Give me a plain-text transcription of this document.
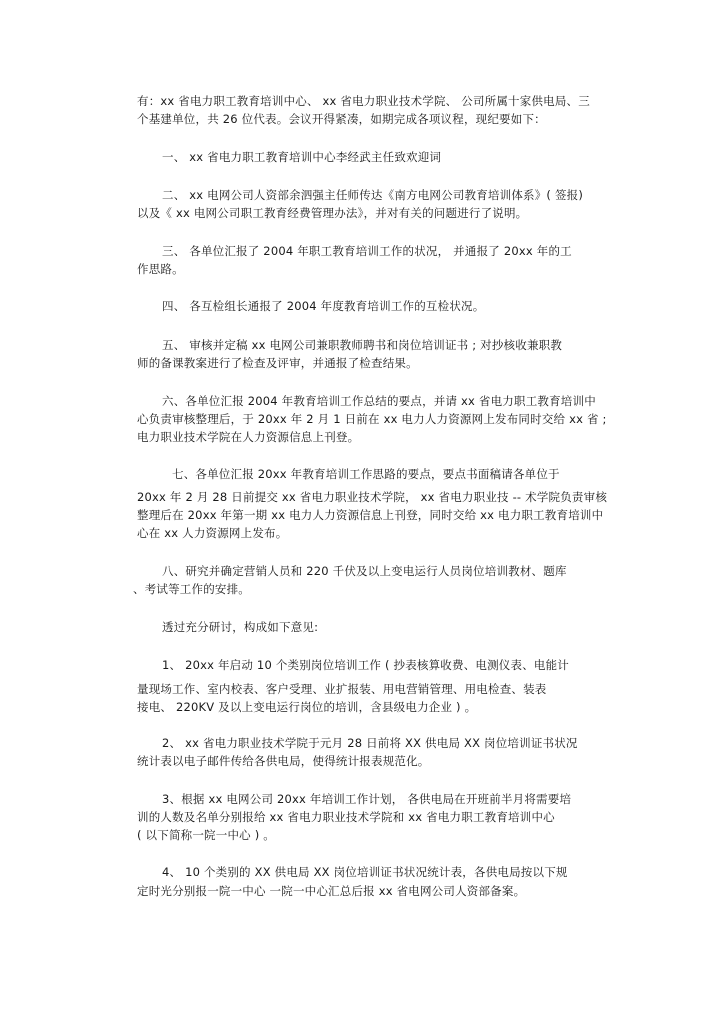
有：xx 省电力职工教育培训中心、 xx 省电力职业技术学院、 公司所属十家供电局、三
个基建单位，共 26 位代表。会议开得紧凑，如期完成各项议程，现纪要如下：
一、 xx 省电力职工教育培训中心李经武主任致欢迎词
二、 xx 电网公司人资部余泗强主任师传达《南方电网公司教育培训体系》( 签报)
以及《 xx 电网公司职工教育经费管理办法》，并对有关的问题进行了说明。
三、 各单位汇报了 2004 年职工教育培训工作的状况， 并通报了 20xx 年的工
作思路。
四、 各互检组长通报了 2004 年度教育培训工作的互检状况。
五、 审核并定稿 xx 电网公司兼职教师聘书和岗位培训证书 ; 对抄核收兼职教
师的备课教案进行了检查及评审，并通报了检查结果。
六、各单位汇报 2004 年教育培训工作总结的要点，并请 xx 省电力职工教育培训中
心负责审核整理后，于 20xx 年 2 月 1 日前在 xx 电力人力资源网上发布同时交给 xx 省 ;
电力职业技术学院在人力资源信息上刊登。
七、各单位汇报 20xx 年教育培训工作思路的要点，要点书面稿请各单位于
20xx 年 2 月 28 日前提交 xx 省电力职业技术学院， xx 省电力职业技 -- 术学院负责审核
整理后在 20xx 年第一期 xx 电力人力资源信息上刊登，同时交给 xx 电力职工教育培训中
心在 xx 人力资源网上发布。
八、研究并确定营销人员和 220 千伏及以上变电运行人员岗位培训教材、题库
、考试等工作的安排。
透过充分研讨，构成如下意见:
1、 20xx 年启动 10 个类别岗位培训工作 ( 抄表核算收费、电测仪表、电能计
量现场工作、室内校表、客户受理、业扩报装、用电营销管理、用电检查、装表
接电、 220KV 及以上变电运行岗位的培训，含县级电力企业 ) 。
2、 xx 省电力职业技术学院于元月 28 日前将 XX 供电局 XX 岗位培训证书状况
统计表以电子邮件传给各供电局，使得统计报表规范化。
3、根据 xx 电网公司 20xx 年培训工作计划， 各供电局在开班前半月将需要培
训的人数及名单分别报给 xx 省电力职业技术学院和 xx 省电力职工教育培训中心
( 以下简称一院一中心 ) 。
4、 10 个类别的 XX 供电局 XX 岗位培训证书状况统计表，各供电局按以下规
定时光分别报一院一中心 一院一中心汇总后报 xx 省电网公司人资部备案。
